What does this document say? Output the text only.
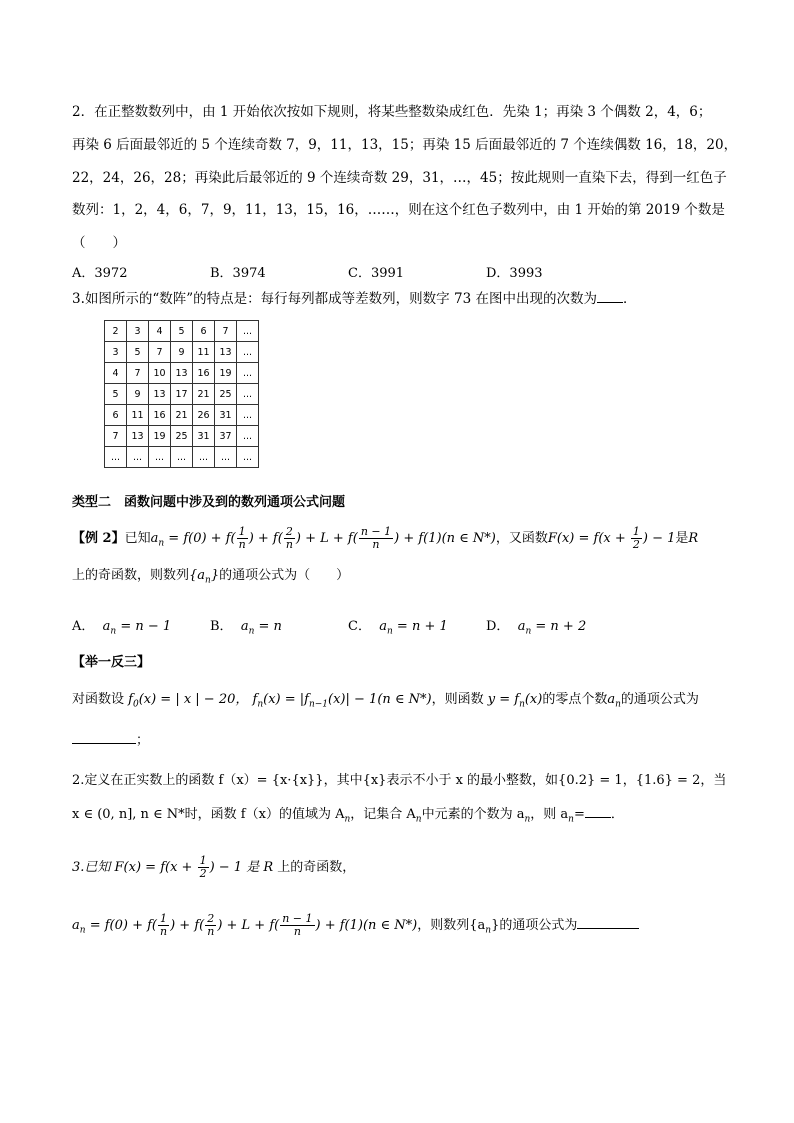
2．在正整数数列中，由 1 开始依次按如下规则，将某些整数染成红色．先染 1；再染 3 个偶数 2，4，6；
再染 6 后面最邻近的 5 个连续奇数 7，9，11，13，15；再染 15 后面最邻近的 7 个连续偶数 16，18，20，
22，24，26，28；再染此后最邻近的 9 个连续奇数 29，31，…，45；按此规则一直染下去，得到一红色子
数列：1，2，4，6，7，9，11，13，15，16，……，则在这个红色子数列中，由 1 开始的第 2019 个数是
（　　）
A．3972	B．3974	C．3991	D．3993
3.如图所示的“数阵”的特点是：每行每列都成等差数列，则数字 73 在图中出现的次数为 ．
2	3	4	5	6	7	...
3	5	7	9	11	13	...
4	7	10	13	16	19	...
5	9	13	17	21	25	...
6	11	16	21	26	31	...
7	13	19	25	31	37	...
...	...	...	...	...	...	...
类型二　函数问题中涉及到的数列通项公式问题
【例 2】已知$a_n = f(0) + f( \frac{1}{n}$ ) + $f( \frac{2}{n}$ ) + $L + f( \frac{n - 1}{n}$ ) + f(1)(n ∈ N*)，又函数$F(x) = f(x + \frac{1}{2}$ ) − 1是R
上的奇函数，则数列$\{a_n\}$的通项公式为（　　）
A． $a_n = n - 1$	B． $a_n = n$	C． $a_n = n + 1$	D． $a_n = n + 2$
【举一反三】
对函数设 $f_0(x)$ = | x | − 20， $f_n(x) = |f_{n-1}(x)| - 1(n$ ∈ N*)，则函数 $y = f_n(x)$的零点个数$a_n$的通项公式为
；
2.定义在正实数上的函数 f（x）= {x·{x}}，其中{x}表示不小于 x 的最小整数，如{0.2} = 1，{1.6} = 2，当
x ∈ (0, n], n ∈ N*时，函数 f（x）的值域为 $A_n$，记集合 $A_n$中元素的个数为 $a_n$，则 $a_n=$ ．
3.已知 $F(x) = f(x + \frac{1}{2}$ ) − 1 是 R 上的奇函数，
$a_n = f(0) + f( \frac{1}{n}$ ) + $f( \frac{2}{n}$ ) + $L + f( \frac{n - 1}{n}$ ) + f(1)(n ∈ N*)，则数列$\{a_n\}$的通项公式为
